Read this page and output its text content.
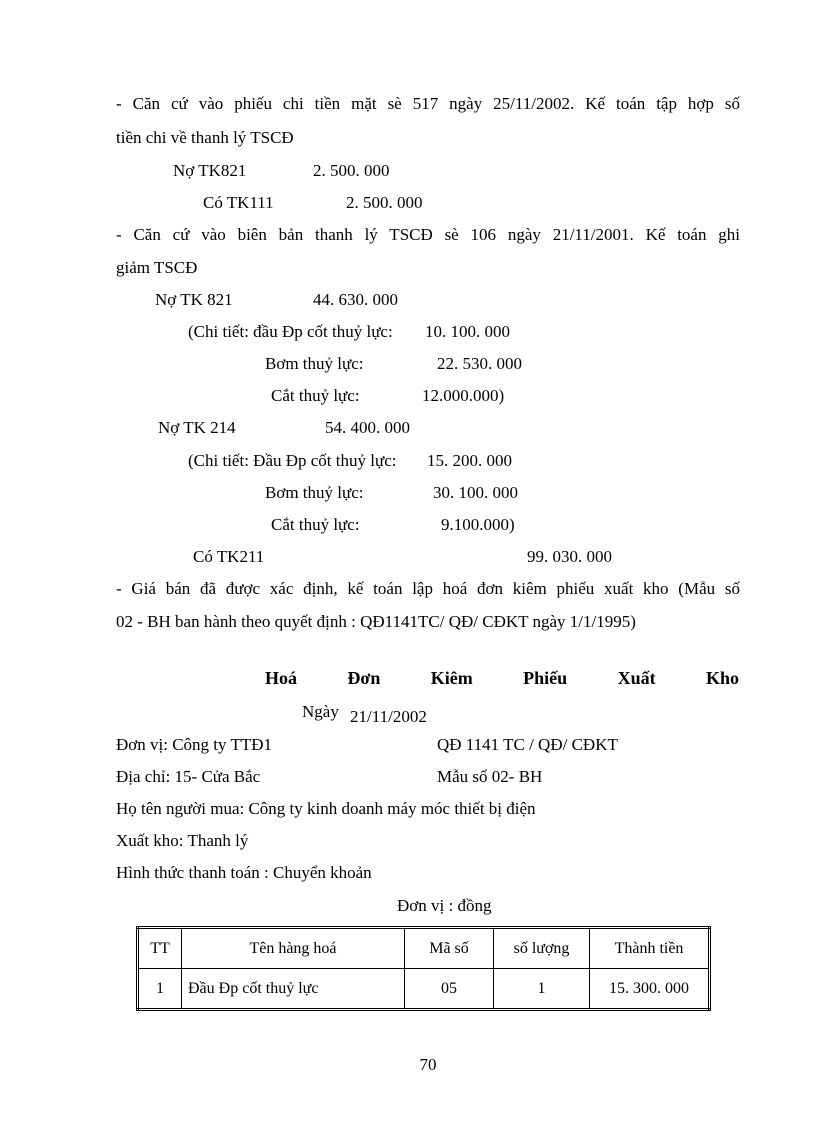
- Căn cứ vào phiếu chi tiền mặt sè 517 ngày 25/11/2002. Kế toán tập hợp số
tiền chi về thanh lý TSCĐ
Nợ TK821	2. 500. 000
Có TK111	2. 500. 000
- Căn cứ vào biên bản thanh lý TSCĐ sè 106 ngày 21/11/2001. Kế toán ghi
giảm TSCĐ
Nợ TK 821	44. 630. 000
(Chi tiết: đầu Đp cốt thuỷ lực: 10. 100. 000
Bơm thuỷ lực:	22. 530. 000
Cắt thuỷ lực:	12.000.000)
Nợ TK 214	54. 400. 000
(Chi tiết: Đầu Đp cốt thuỷ lực: 15. 200. 000
Bơm thuỷ lực:	30. 100. 000
Cắt thuỷ lực:	9.100.000)
Có TK211	99. 030. 000
- Giá bán đã được xác định, kế toán lập hoá đơn kiêm phiếu xuất kho (Mẫu số
02 - BH ban hành theo quyết định : QĐ1141TC/ QĐ/ CĐKT ngày 1/1/1995)
Hoá	Đơn	Kiêm	Phiếu	Xuất	Kho
Ngày 21/11/2002
Đơn vị: Công ty TTĐ1	QĐ 1141 TC / QĐ/ CĐKT
Địa chỉ: 15- Cửa Bắc	Mẫu số 02- BH
Họ tên người mua: Công ty kinh doanh máy móc thiết bị điện
Xuất kho: Thanh lý
Hình thức thanh toán : Chuyển khoản
Đơn vị : đồng
TT	Tên hàng hoá	Mã số	số lượng	Thành tiền
1	Đầu Đp cốt thuỷ lực	05	1	15. 300. 000
70
